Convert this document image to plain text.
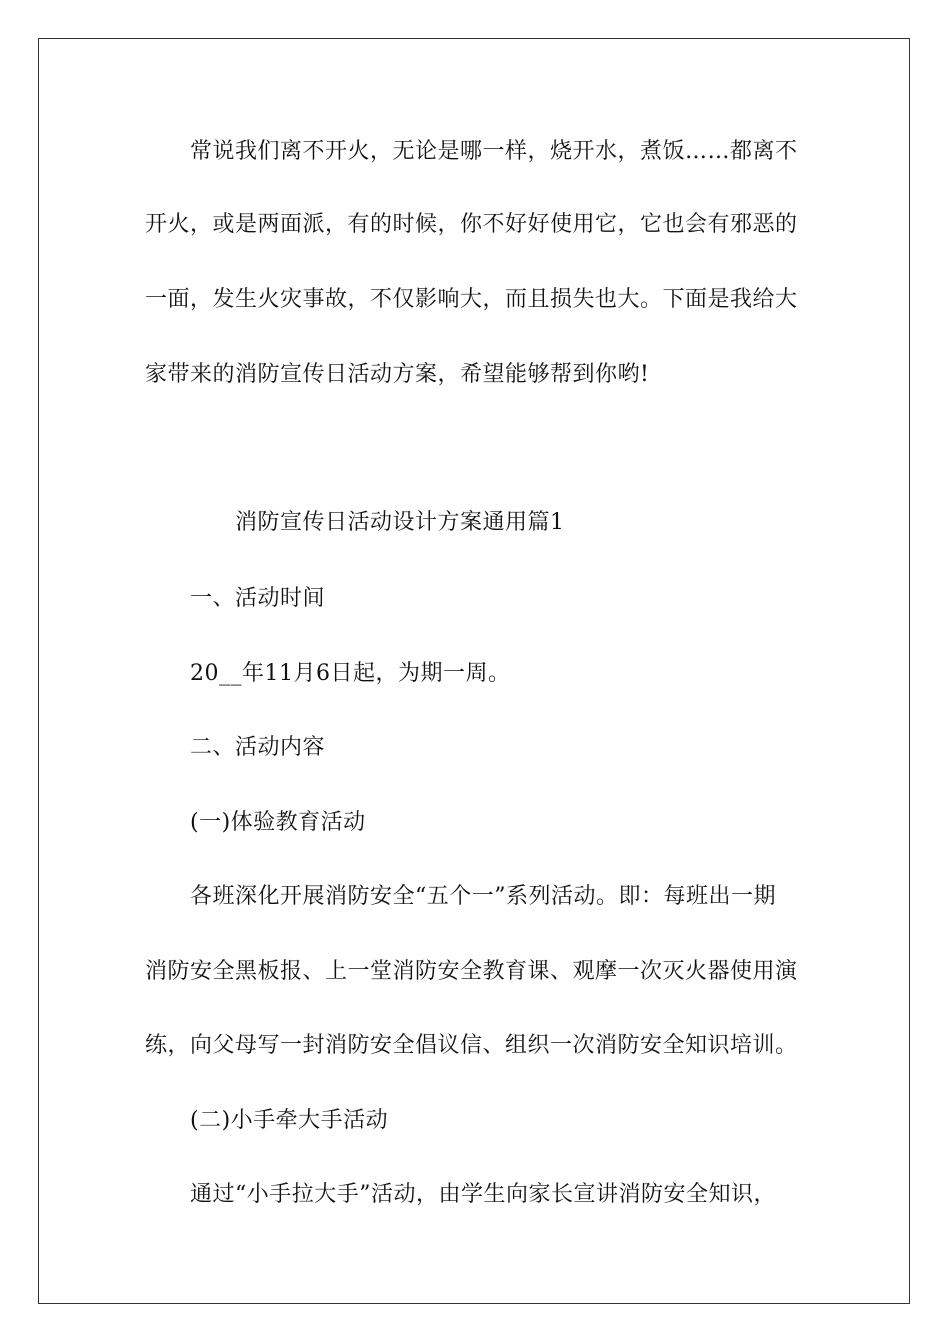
常说我们离不开火，无论是哪一样，烧开水，煮饭……都离不
开火，或是两面派，有的时候，你不好好使用它，它也会有邪恶的
一面，发生火灾事故，不仅影响大，而且损失也大。下面是我给大
家带来的消防宣传日活动方案，希望能够帮到你哟!
消防宣传日活动设计方案通用篇1
一、活动时间
20__年11月6日起，为期一周。
二、活动内容
(一)体验教育活动
各班深化开展消防安全“五个一”系列活动。即：每班出一期
消防安全黑板报、上一堂消防安全教育课、观摩一次灭火器使用演
练，向父母写一封消防安全倡议信、组织一次消防安全知识培训。
(二)小手牵大手活动
通过“小手拉大手”活动，由学生向家长宣讲消防安全知识，
